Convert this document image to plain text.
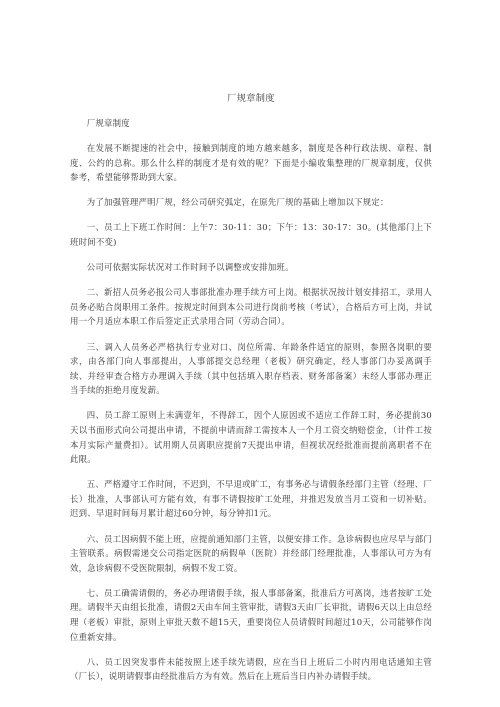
厂规章制度

厂规章制度

在发展不断提速的社会中，接触到制度的地方越来越多，制度是各种行政法规、章程、制度、公约的总称。那么什么样的制度才是有效的呢？下面是小编收集整理的厂规章制度，仅供参考，希望能够帮助到大家。

为了加强管理严明厂规，经公司研究弧定，在原先厂规的基础上增加以下规定：

一、员工上下班工作时间：上午7：30-11：30；下午：13：30-17：30。(其他部门上下班时间不变)

公司可依据实际状况对工作时间予以调整或安排加班。

二、新招人员务必报公司人事部批准办理手续方可上岗。根据状况按计划安排招工，录用人员务必贴合岗职用工条件。按规定时间到本公司进行岗前考核（考试），合格后方可上岗，并试用一个月适应本职工作后签定正式录用合同（劳动合同）。

三、调入人员务必严格执行专业对口、岗位所需、年龄条件适宜的原则，参照各岗职的要求，由各部门向人事部提出，人事部提交总经理（老板）研究确定，经人事部门办妥离调手续、并经审查合格方办理调入手续（其中包括填入职存档表、财务部备案）未经人事部办理正当手续的拒绝月度发薪。

四、员工辞工原则上未满壹年，不得辞工，因个人原因或不适应工作辞工时，务必提前30天以书面形式向公司提出申请，不提前申请而辞工需按本人一个月工资交纳赔偿金，（计件工按本月实际产量费扣）。试用期人员离职应提前7天提出申请，但视状况经批准而提前离职者不在此限。

五、严格遵守工作时间，不迟到，不早退或旷工，有事务必与请假条经部门主管（经理、厂长）批准，人事部认可方能有效，有事不请假按旷工处理，并推迟发放当月工资和一切补贴。迟到、早退时间每月累计超过60分钟，每分钟扣1元。

六、员工因病假不能上班，应提前通知部门主管，以便安排工作。急诊病假也应尽早与部门主管联系。病假需递交公司指定医院的病假单（医院）并经部门经理批准，人事部认可方为有效，急诊病假不受医院限制，病假不发工资。

七、员工确需请假的，务必办理请假手续，报人事部备案，批准后方可离岗，违者按旷工处理。请假半天由组长批准，请假2天由车间主管审批，请假3天由厂长审批，请假6天以上由总经理（老板）审批，原则上审批天数不超15天，重要岗位人员请假时间超过10天，公司能够作岗位重新安排。

八、员工因突发事件未能按照上述手续先请假，应在当日上班后二小时内用电话通知主管（厂长），说明请假事由经批准后方为有效。然后在上班后当日内补办请假手续。
